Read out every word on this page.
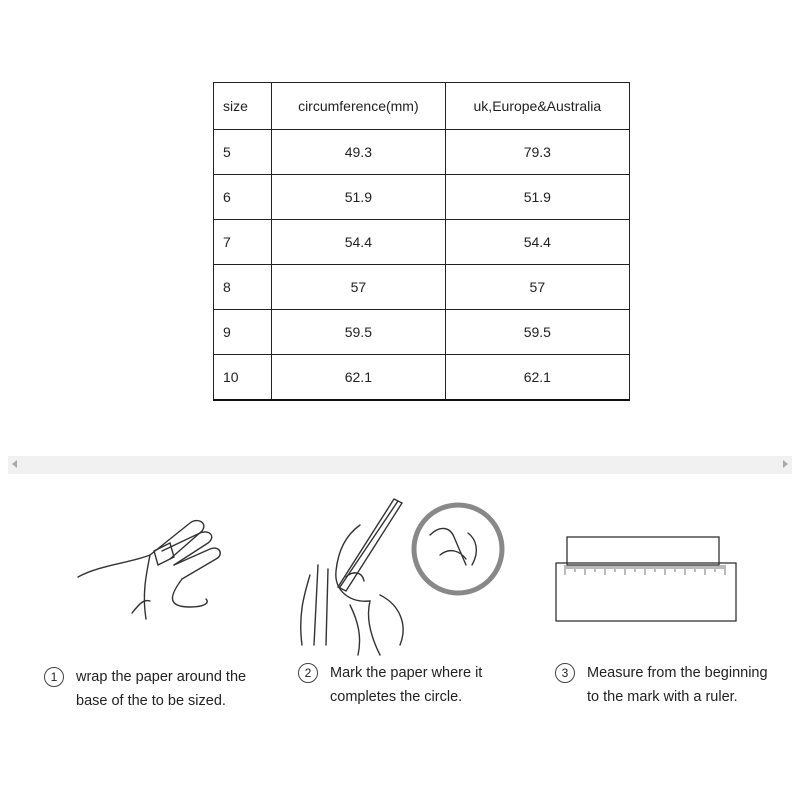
size	circumference(mm)	uk,Europe&Australia
5	49.3	79.3
6	51.9	51.9
7	54.4	54.4
8	57	57
9	59.5	59.5
10	62.1	62.1
1	wrap the paper around the
base of the to be sized.
2	Mark the paper where it
completes the circle.
3	Measure from the beginning
to the mark with a ruler.
